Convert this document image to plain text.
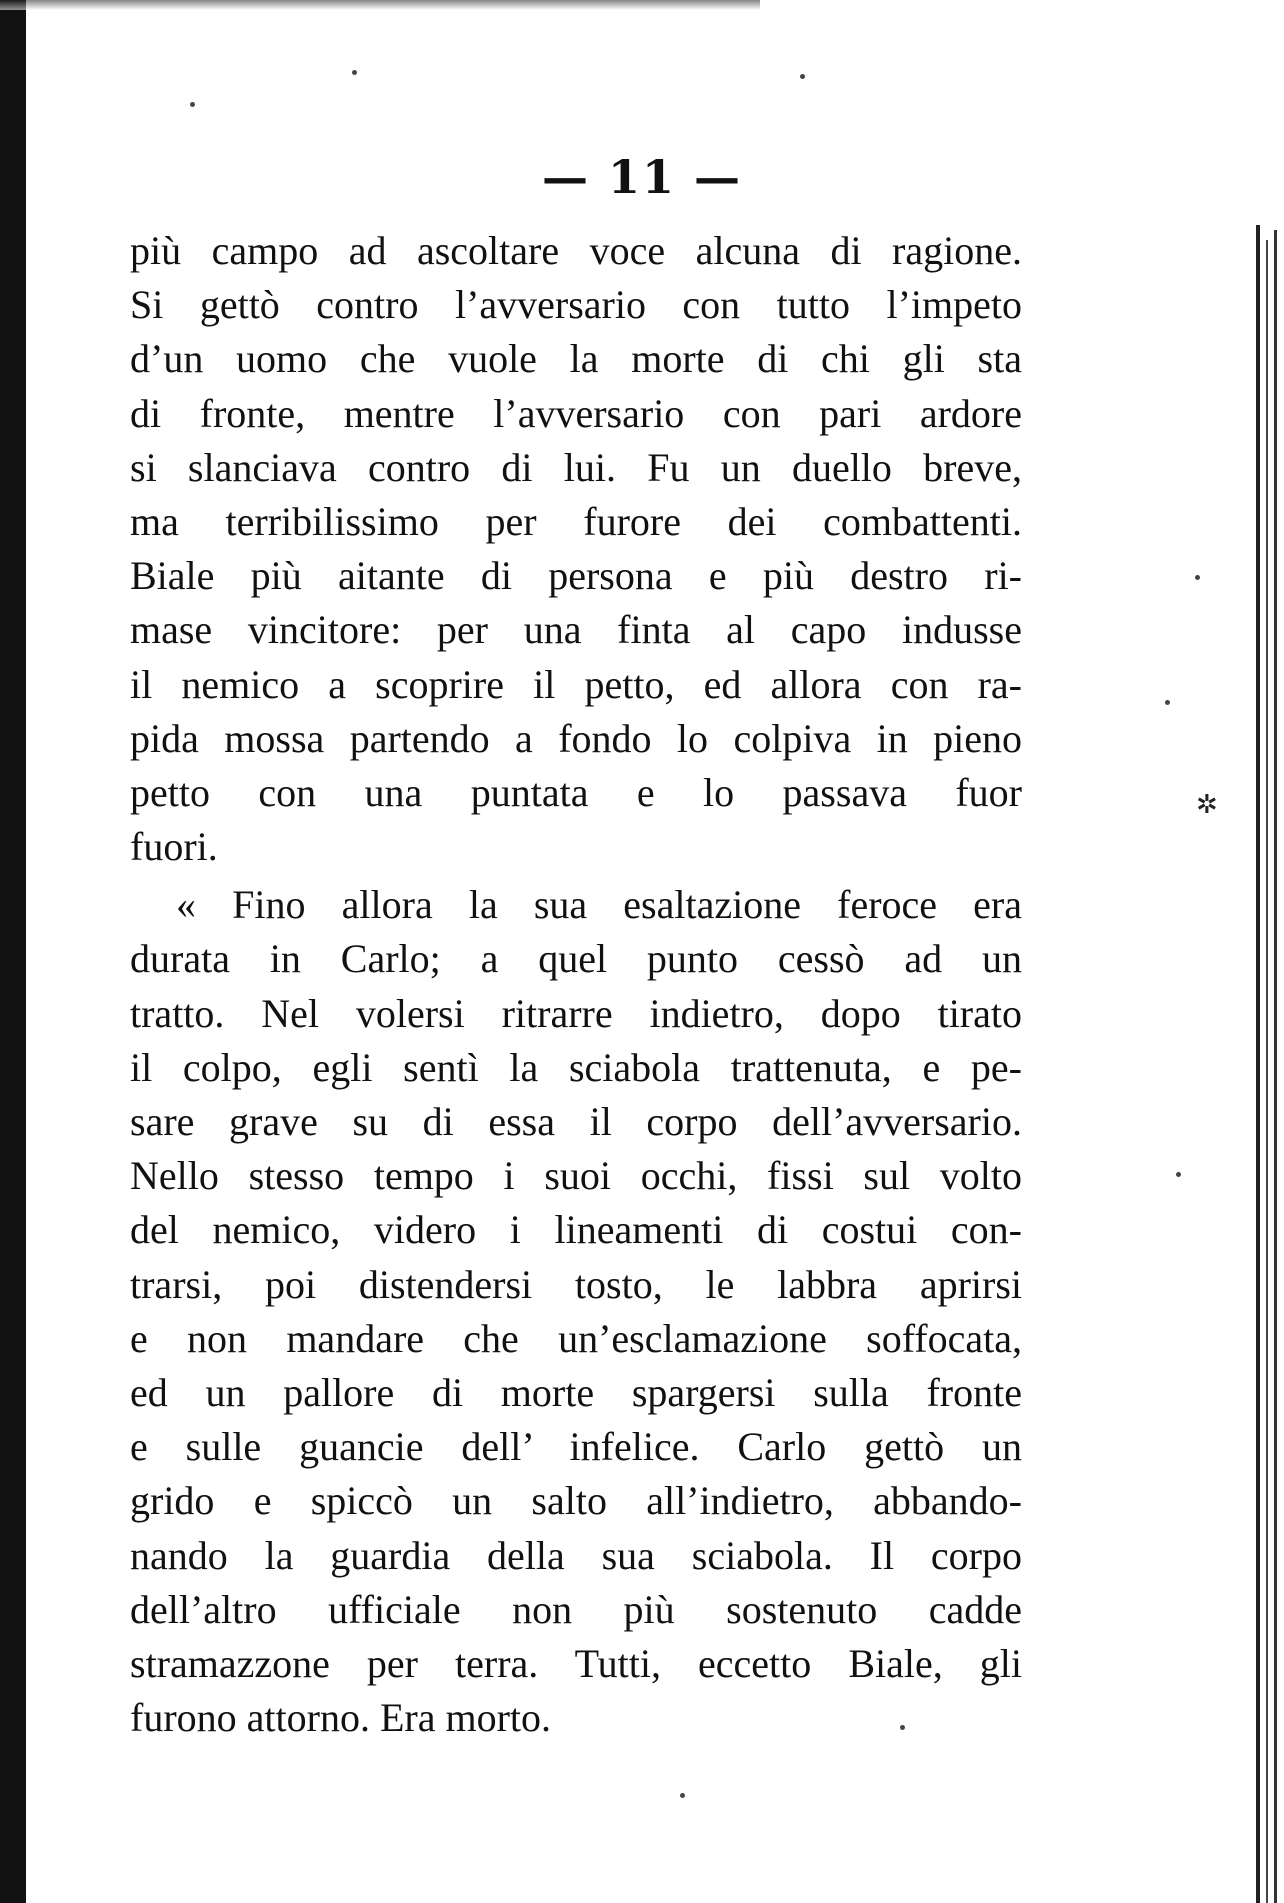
✲
— 11 —
più campo ad ascoltare voce alcuna di ragione.
Si gettò contro l’avversario con tutto l’impeto
d’un uomo che vuole la morte di chi gli sta
di fronte, mentre l’avversario con pari ardore
si slanciava contro di lui. Fu un duello breve,
ma terribilissimo per furore dei combattenti.
Biale più aitante di persona e più destro ri-
mase vincitore: per una finta al capo indusse
il nemico a scoprire il petto, ed allora con ra-
pida mossa partendo a fondo lo colpiva in pieno
petto con una puntata e lo passava fuor
fuori.
« Fino allora la sua esaltazione feroce era
durata in Carlo; a quel punto cessò ad un
tratto. Nel volersi ritrarre indietro, dopo tirato
il colpo, egli sentì la sciabola trattenuta, e pe-
sare grave su di essa il corpo dell’avversario.
Nello stesso tempo i suoi occhi, fissi sul volto
del nemico, videro i lineamenti di costui con-
trarsi, poi distendersi tosto, le labbra aprirsi
e non mandare che un’esclamazione soffocata,
ed un pallore di morte spargersi sulla fronte
e sulle guancie dell’ infelice. Carlo gettò un
grido e spiccò un salto all’indietro, abbando-
nando la guardia della sua sciabola. Il corpo
dell’altro ufficiale non più sostenuto cadde
stramazzone per terra. Tutti, eccetto Biale, gli
furono attorno. Era morto.
